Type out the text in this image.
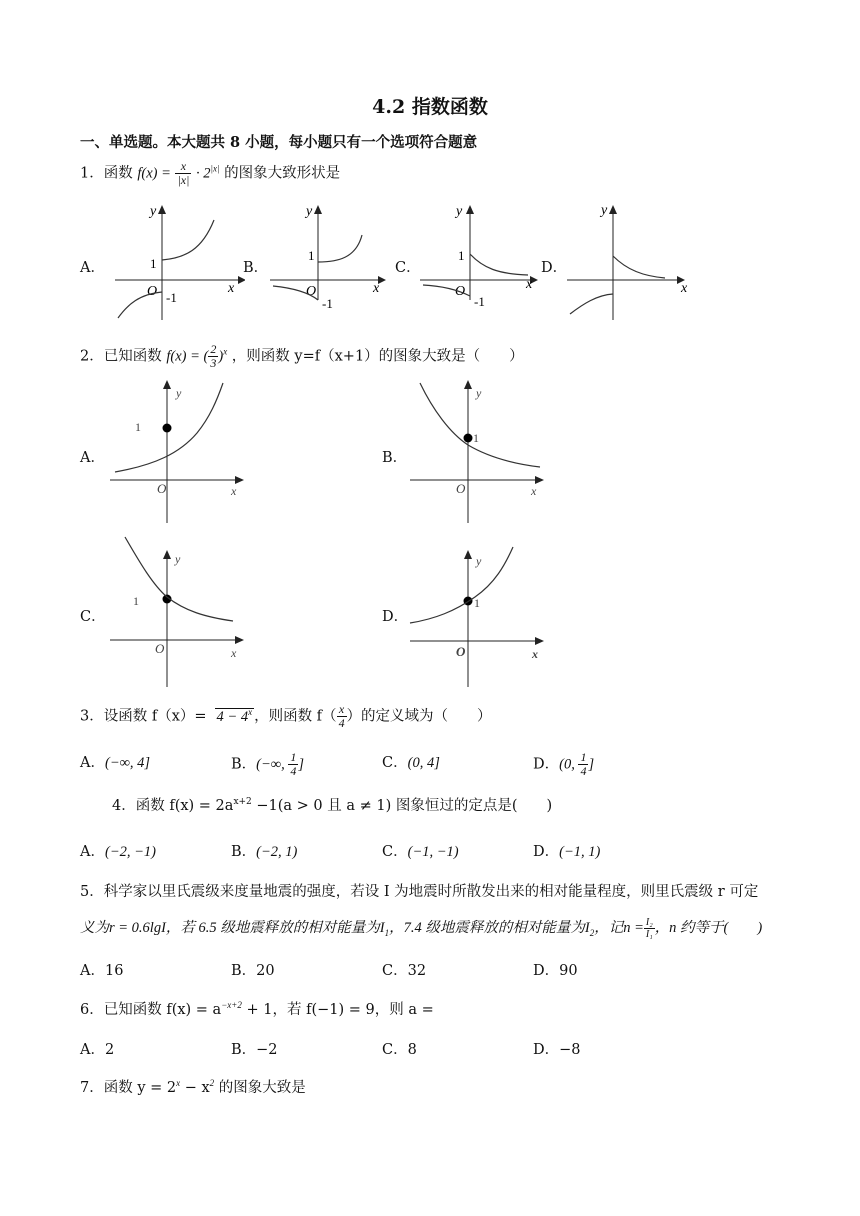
4.2 指数函数
一、单选题。本大题共 8 小题，每小题只有一个选项符合题意
1．函数 $f(x) = \frac{x}{|x|} \cdot 2^{|x|}$ 的图象大致形状是
A．	B．	C．	D．
y
x
O
1
-1
y
x
O
1
-1
y
x
O
1
-1
y
x
2．已知函数 f(x) = ( $\frac{2}{3} )^x$ ，则函数 y=f（x+1）的图象大致是（　　）
A．	B．
C．	D．
y
x
O
1
y
x
O
1
y
x
O
1
y
x
O
1
3．设函数 $f(x)= 4 - 4^x$ ，则函数 $f( \frac{x}{4}$ ）的定义域为（　　）
A．(−∞, 4]	B．(−∞, $\frac{1}{4}$ ]	C．(0, 4]	D．(0, $\frac{1}{4}$ ]
4．函数 $f(x) = 2a^{x+2} -1(a > 0$ 且 a ≠ 1) 图象恒过的定点是(　　)
A．(−2, −1)	B．(−2, 1)	C．(−1, −1)	D．(−1, 1)
5．科学家以里氏震级来度量地震的强度，若设 I 为地震时所散发出来的相对能量程度，则里氏震级 r 可定
义为r = 0.6lgI，若 6.5 级地震释放的相对能量为$I_1$，7.4 级地震释放的相对能量为$I_2$，记$n = \frac{\text{I₂}}{\text{I₁}}$ ，n 约等于(　　)
A．16	B．20	C．32	D．90
6．已知函数 $f(x) = a^{-x+2} + 1$，若 f(−1) = 9，则 a =
A．2	B．−2	C．8	D．−8
7．函数 $y = 2^x - x^2$ 的图象大致是
